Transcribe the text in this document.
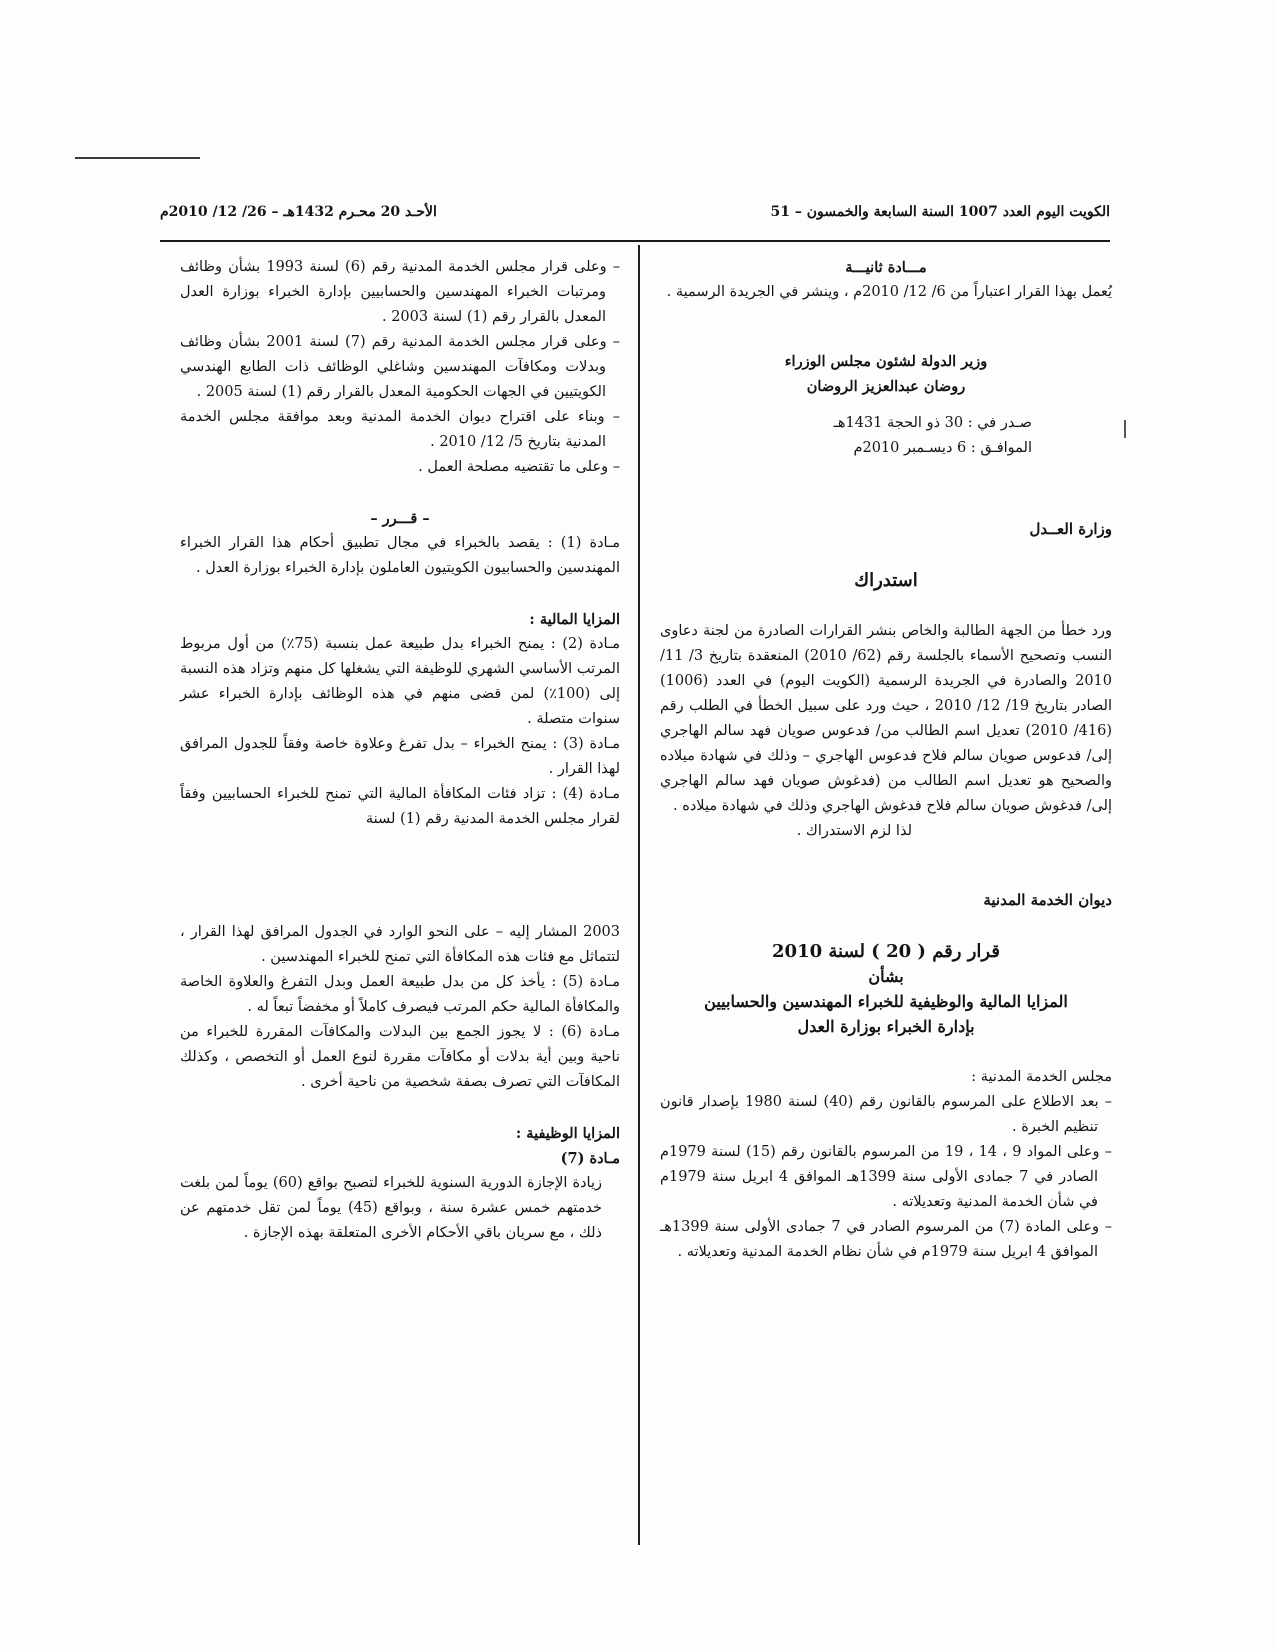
الكويت اليوم العدد 1007 السنة السابعة والخمسون – 51
الأحـد 20 محـرم 1432هـ – 26/ 12/ 2010م

مـــادة ثانيـــة

يُعمل بهذا القرار اعتباراً من 6/ 12/ 2010م ، وينشر في الجريدة الرسمية .

وزير الدولة لشئون مجلس الوزراء

روضان عبدالعزيز الروضان

صـدر في : 30 ذو الحجة 1431هـ

الموافـق : 6 ديسـمبر 2010م

وزارة العــدل

استدراك

ورد خطأ من الجهة الطالبة والخاص بنشر القرارات الصادرة من لجنة دعاوى النسب وتصحيح الأسماء بالجلسة رقم (62/ 2010) المنعقدة بتاريخ 3/ 11/ 2010 والصادرة في الجريدة الرسمية (الكويت اليوم) في العدد (1006) الصادر بتاريخ 19/ 12/ 2010 ، حيث ورد على سبيل الخطأ في الطلب رقم (416/ 2010) تعديل اسم الطالب من/ فدعوس صويان فهد سالم الهاجري إلى/ فدعوس صويان سالم فلاح فدعوس الهاجري – وذلك في شهادة ميلاده والصحيح هو تعديل اسم الطالب من (فدغوش صويان فهد سالم الهاجري إلى/ فدغوش صويان سالم فلاح فدغوش الهاجري وذلك في شهادة ميلاده .

لذا لزم الاستدراك .

ديوان الخدمة المدنية

قرار رقم ( 20 ) لسنة 2010

بشأن

المزايا المالية والوظيفية للخبراء المهندسين والحسابيين

بإدارة الخبراء بوزارة العدل

مجلس الخدمة المدنية :

– بعد الاطلاع على المرسوم بالقانون رقم (40) لسنة 1980 بإصدار قانون تنظيم الخبرة .

– وعلى المواد 9 ، 14 ، 19 من المرسوم بالقانون رقم (15) لسنة 1979م الصادر في 7 جمادى الأولى سنة 1399هـ الموافق 4 ابريل سنة 1979م في شأن الخدمة المدنية وتعديلاته .

– وعلى المادة (7) من المرسوم الصادر في 7 جمادى الأولى سنة 1399هـ الموافق 4 ابريل سنة 1979م في شأن نظام الخدمة المدنية وتعديلاته .

– وعلى قرار مجلس الخدمة المدنية رقم (6) لسنة 1993 بشأن وظائف ومرتبات الخبراء المهندسين والحسابيين بإدارة الخبراء بوزارة العدل المعدل بالقرار رقم (1) لسنة 2003 .

– وعلى قرار مجلس الخدمة المدنية رقم (7) لسنة 2001 بشأن وظائف وبدلات ومكافآت المهندسين وشاغلي الوظائف ذات الطابع الهندسي الكويتيين في الجهات الحكومية المعدل بالقرار رقم (1) لسنة 2005 .

– وبناء على اقتراح ديوان الخدمة المدنية وبعد موافقة مجلس الخدمة المدنية بتاريخ 5/ 12/ 2010 .

– وعلى ما تقتضيه مصلحة العمل .

– قـــرر –

مـادة (1) : يقصد بالخبراء في مجال تطبيق أحكام هذا القرار الخبراء المهندسين والحسابيون الكويتيون العاملون بإدارة الخبراء بوزارة العدل .

المزايا المالية :

مـادة (2) : يمنح الخبراء بدل طبيعة عمل بنسبة (75٪) من أول مربوط المرتب الأساسي الشهري للوظيفة التي يشغلها كل منهم وتزاد هذه النسبة إلى (100٪) لمن قضى منهم في هذه الوظائف بإدارة الخبراء عشر سنوات متصلة .

مـادة (3) : يمنح الخبراء – بدل تفرغ وعلاوة خاصة وفقاً للجدول المرافق لهذا القرار .

مـادة (4) : تزاد فئات المكافأة المالية التي تمنح للخبراء الحسابيين وفقاً لقرار مجلس الخدمة المدنية رقم (1) لسنة

2003 المشار إليه – على النحو الوارد في الجدول المرافق لهذا القرار ، لتتماثل مع فئات هذه المكافأة التي تمنح للخبراء المهندسين .

مـادة (5) : يأخذ كل من بدل طبيعة العمل وبدل التفرغ والعلاوة الخاصة والمكافأة المالية حكم المرتب فيصرف كاملاً أو مخفضاً تبعاً له .

مـادة (6) : لا يجوز الجمع بين البدلات والمكافآت المقررة للخبراء من ناحية وبين أية بدلات أو مكافآت مقررة لنوع العمل أو التخصص ، وكذلك المكافآت التي تصرف بصفة شخصية من ناحية أخرى .

المزايا الوظيفية :

مـادة (7)

زيادة الإجازة الدورية السنوية للخبراء لتصبح بواقع (60) يوماً لمن بلغت خدمتهم خمس عشرة سنة ، وبواقع (45) يوماً لمن تقل خدمتهم عن ذلك ، مع سريان باقي الأحكام الأخرى المتعلقة بهذه الإجازة .
